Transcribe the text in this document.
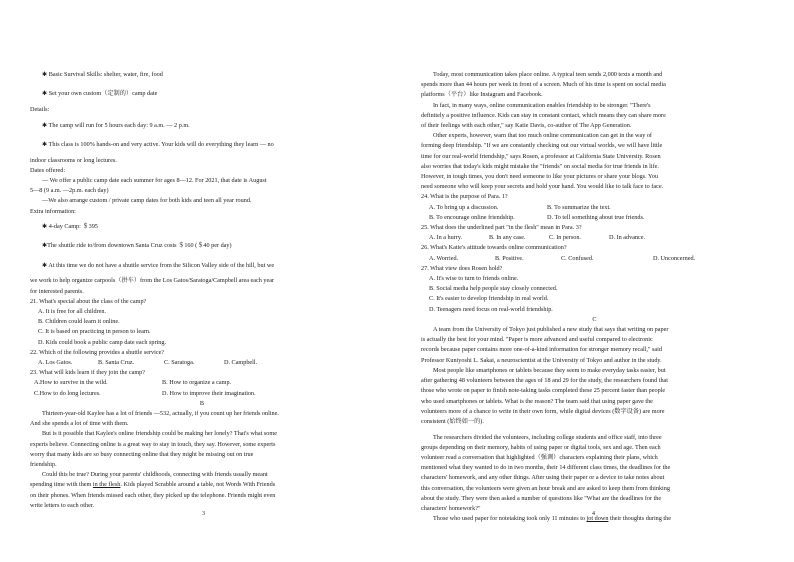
✱ Basic Survival Skills: shelter, water, fire, food

✱ Set your own custom（定制的）camp date

Details:

✱ The camp will run for 5 hours each day: 9 a.m. — 2 p.m.

✱ This class is 100% hands-on and very active. Your kids will do everything they learn — no

indoor classrooms or long lectures.

Dates offered:

— We offer a public camp date each summer for ages 8—12. For 2021, that date is August

5—8 (9 a.m. —2p.m. each day)

—We also arrange custom / private camp dates for both kids and teen all year round.

Extra information:

✱ 4-day Camp: ＄395

✱The shuttle ride to/from downtown Santa Cruz costs ＄160 (＄40 per day)

✱ At this time we do not have a shuttle service from the Silicon Valley side of the hill, but we

we work to help organize carpools（拼车）from the Los Gatos/Saratoga/Campbell area each year

for interested parents.

21. What's special about the class of the camp?

A. It is free for all children.

B. Children could learn it online.

C. It is based on practicing in person to learn.

D. Kids could book a public camp date each spring.

22. Which of the following provides a shuttle service?

A. Los Gatos.	B. Santa Cruz.	C. Saratoga.	D. Campbell.

23. What will kids learn if they join the camp?

A.How to survive in the wild.	B. How to organize a camp.
C.How to do long lectures.	D. How to improve their imagination.

B

Thirteen-year-old Kaylee has a lot of friends —532, actually, if you count up her friends online.

And she spends a lot of time with them.

But is it possible that Kaylee's online friendship could be making her lonely? That's what some

experts believe. Connecting online is a great way to stay in touch, they say. However, some experts

worry that many kids are so busy connecting online that they might be missing out on true

friendship.

Could this be true? During your parents' childhoods, connecting with friends usually meant

spending time with them in the flesh. Kids played Scrabble around a table, not Words With Friends

on their phones. When friends missed each other, they picked up the telephone. Friends might even

write letters to each other.

3

Today, most communication takes place online. A typical teen sends 2,000 texts a month and

spends more than 44 hours per week in front of a screen. Much of his time is spent on social media

platforms（平台）like Instagram and Facebook.

In fact, in many ways, online communication enables friendship to be stronger. "There's

definitely a positive influence. Kids can stay in constant contact, which means they can share more

of their feelings with each other," say Katie Davis, co-author of The App Generation.

Other experts, however, warn that too much online communication can get in the way of

forming deep friendship. "If we are constantly checking out our virtual worlds, we will have little

time for our real-world friendship," says Rosen, a professor at California State University. Rosen

also worries that today's kids might mistake the "friends" on social media for true friends in life.

However, in tough times, you don't need someone to like your pictures or share your blogs. You

need someone who will keep your secrets and hold your hand. You would like to talk face to face.

24. What is the purpose of Para. 1?

A. To bring up a discussion.	B. To summarize the text.
B. To encourage online friendship.	D. To tell something about true friends.

25. What does the underlined part "in the flesh" mean in Para. 3?

A. In a hurry.	B. In any case.	C. In person.	D. In advance.

26. What's Katie's attitude towards online communication?

A. Worried.	B. Positive.	C. Confused.	D. Unconcerned.

27. What view does Rosen hold?

A. It's wise to turn to friends online.

B. Social media help people stay closely connected.

C. It's easier to develop friendship in real world.

D. Teenagers need focus on real-world friendship.

C

A team from the University of Tokyo just published a new study that says that writing on paper

is actually the best for your mind. "Paper is more advanced and useful compared to electronic

records because paper contains more one-of-a-kind information for stronger memory recall," said

Professor Kuniyoshi L. Sakai, a neuroscientist at the University of Tokyo and author in the study.

Most people like smartphones or tablets because they seem to make everyday tasks easier, but

after gathering 48 volunteers between the ages of 18 and 29 for the study, the researchers found that

those who wrote on paper to finish note-taking tasks completed these 25 percent faster than people

who used smartphones or tablets. What is the reason? The team said that using paper gave the

volunteers more of a chance to write in their own form, while digital devices (数字设备) are more

consistent (始终如一的).

The researchers divided the volunteers, including college students and office staff, into three

groups depending on their memory, habits of using paper or digital tools, sex and age. Then each

volunteer read a conversation that highlighted（强调）characters explaining their plans, which

mentioned what they wanted to do in two months, their 14 different class times, the deadlines for the

characters' homework, and any other things. After using their paper or a device to take notes about

this conversation, the volunteers were given an hour break and are asked to keep them from thinking

about the study. They were then asked a number of questions like "What are the deadlines for the

characters' homework?"

Those who used paper for notetaking took only 11 minutes to jot down their thoughts during the

4
